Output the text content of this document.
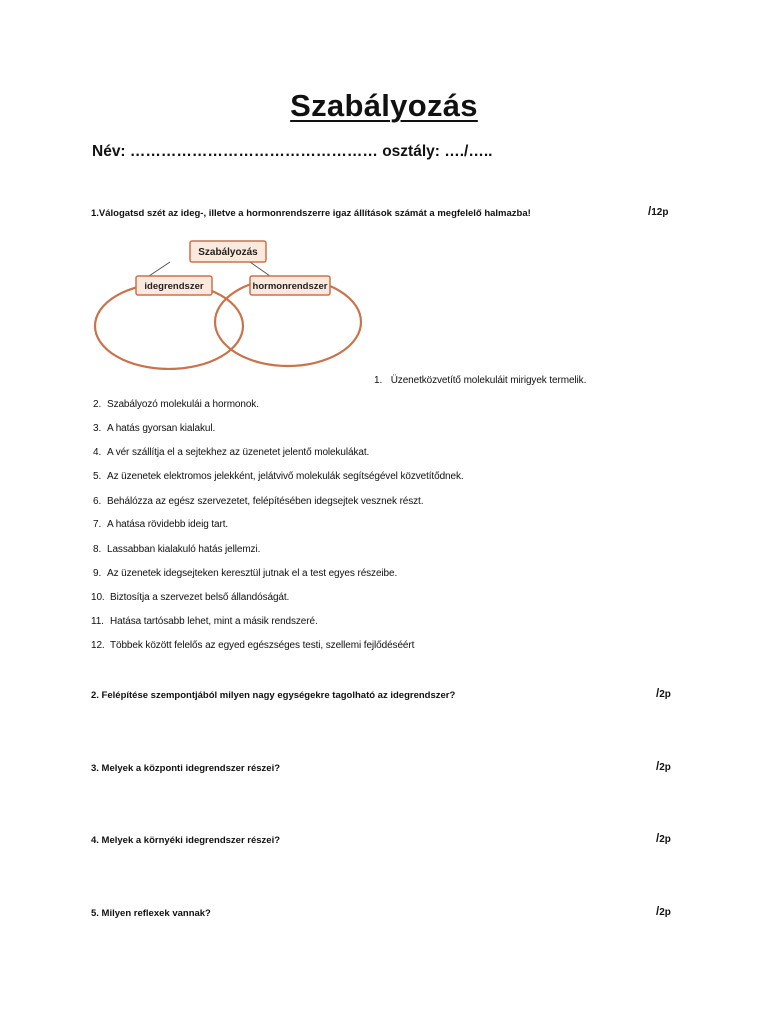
Szabályozás
Név: ………………………………………… osztály: …./…..
1.Válogatsd szét az ideg-, illetve a hormonrendszerre igaz állítások számát a megfelelő halmazba!	/12p
Szabályozás
idegrendszer	hormonrendszer
1. Üzenetközvetítő molekuláit mirigyek termelik.
2. Szabályozó molekulái a hormonok.
3. A hatás gyorsan kialakul.
4. A vér szállítja el a sejtekhez az üzenetet jelentő molekulákat.
5. Az üzenetek elektromos jelekként, jelátvivő molekulák segítségével közvetítődnek.
6. Behálózza az egész szervezetet, felépítésében idegsejtek vesznek részt.
7. A hatása rövidebb ideig tart.
8. Lassabban kialakuló hatás jellemzi.
9. Az üzenetek idegsejteken keresztül jutnak el a test egyes részeibe.
10. Biztosítja a szervezet belső állandóságát.
11. Hatása tartósabb lehet, mint a másik rendszeré.
12. Többek között felelős az egyed egészséges testi, szellemi fejlődéséért
2. Felépítése szempontjából milyen nagy egységekre tagolható az idegrendszer?	/2p
3. Melyek a központi idegrendszer részei?	/2p
4. Melyek a környéki idegrendszer részei?	/2p
5. Milyen reflexek vannak?	/2p
